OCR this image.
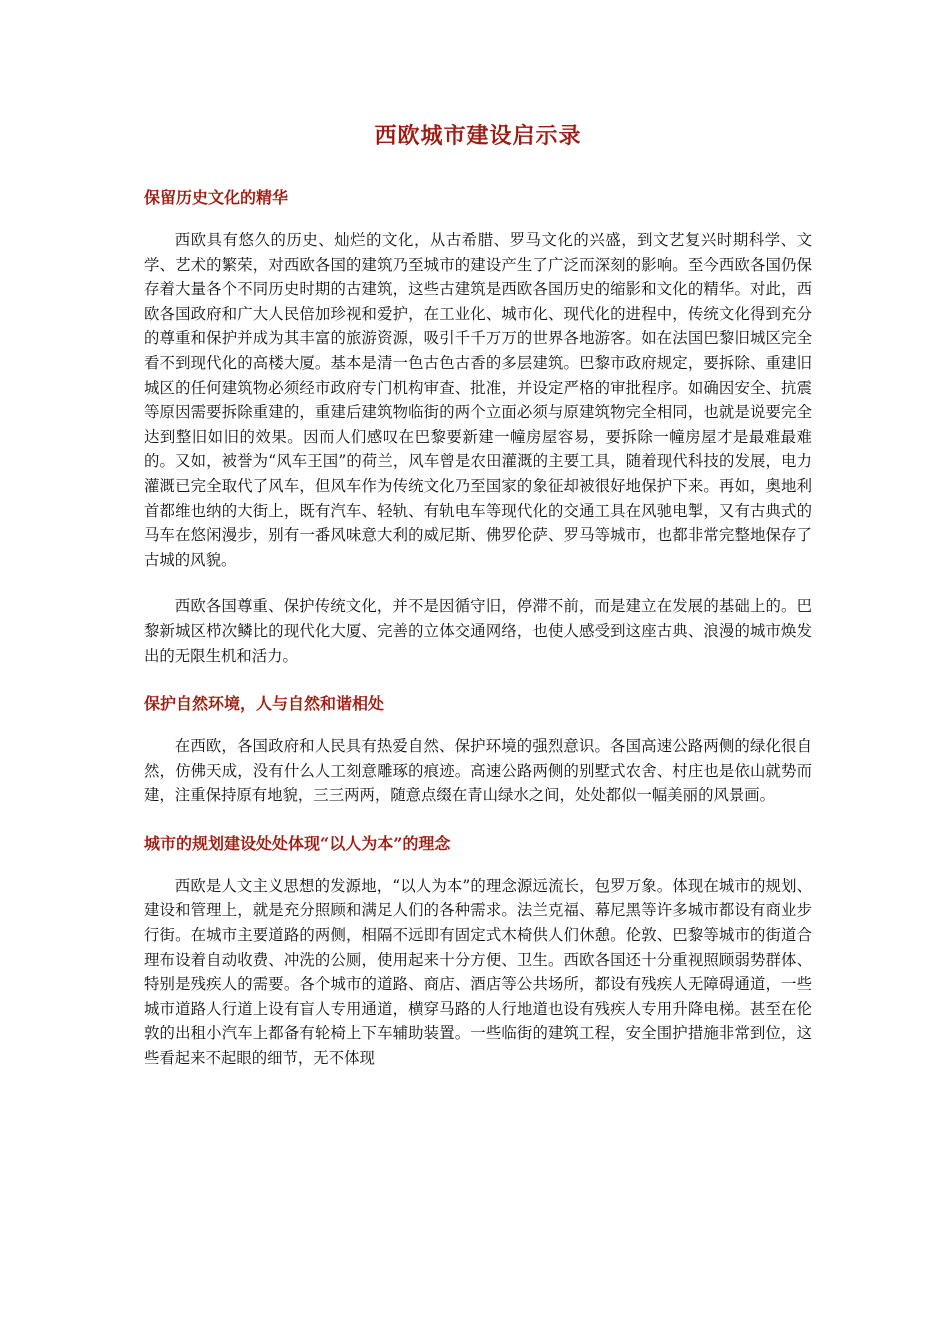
西欧城市建设启示录
保留历史文化的精华

西欧具有悠久的历史、灿烂的文化，从古希腊、罗马文化的兴盛，到文艺复兴时期科学、文学、艺术的繁荣，对西欧各国的建筑乃至城市的建设产生了广泛而深刻的影响。至今西欧各国仍保存着大量各个不同历史时期的古建筑，这些古建筑是西欧各国历史的缩影和文化的精华。对此，西欧各国政府和广大人民倍加珍视和爱护，在工业化、城市化、现代化的进程中，传统文化得到充分的尊重和保护并成为其丰富的旅游资源，吸引千千万万的世界各地游客。如在法国巴黎旧城区完全看不到现代化的高楼大厦。基本是清一色古色古香的多层建筑。巴黎市政府规定，要拆除、重建旧城区的任何建筑物必须经市政府专门机构审查、批准，并设定严格的审批程序。如确因安全、抗震等原因需要拆除重建的，重建后建筑物临街的两个立面必须与原建筑物完全相同，也就是说要完全达到整旧如旧的效果。因而人们感叹在巴黎要新建一幢房屋容易，要拆除一幢房屋才是最难最难的。又如，被誉为“风车王国”的荷兰，风车曾是农田灌溉的主要工具，随着现代科技的发展，电力灌溉已完全取代了风车，但风车作为传统文化乃至国家的象征却被很好地保护下来。再如，奥地利首都维也纳的大街上，既有汽车、轻轨、有轨电车等现代化的交通工具在风驰电掣，又有古典式的马车在悠闲漫步，别有一番风味意大利的威尼斯、佛罗伦萨、罗马等城市，也都非常完整地保存了古城的风貌。

西欧各国尊重、保护传统文化，并不是因循守旧，停滞不前，而是建立在发展的基础上的。巴黎新城区栉次鳞比的现代化大厦、完善的立体交通网络，也使人感受到这座古典、浪漫的城市焕发出的无限生机和活力。

保护自然环境，人与自然和谐相处

在西欧，各国政府和人民具有热爱自然、保护环境的强烈意识。各国高速公路两侧的绿化很自然，仿佛天成，没有什么人工刻意雕琢的痕迹。高速公路两侧的别墅式农舍、村庄也是依山就势而建，注重保持原有地貌，三三两两，随意点缀在青山绿水之间，处处都似一幅美丽的风景画。

城市的规划建设处处体现“以人为本”的理念

西欧是人文主义思想的发源地，“以人为本”的理念源远流长，包罗万象。体现在城市的规划、建设和管理上，就是充分照顾和满足人们的各种需求。法兰克福、幕尼黑等许多城市都设有商业步行街。在城市主要道路的两侧，相隔不远即有固定式木椅供人们休憩。伦敦、巴黎等城市的街道合理布设着自动收费、冲洗的公厕，使用起来十分方便、卫生。西欧各国还十分重视照顾弱势群体、特别是残疾人的需要。各个城市的道路、商店、酒店等公共场所，都设有残疾人无障碍通道，一些城市道路人行道上设有盲人专用通道，横穿马路的人行地道也设有残疾人专用升降电梯。甚至在伦敦的出租小汽车上都备有轮椅上下车辅助装置。一些临街的建筑工程，安全围护措施非常到位，这些看起来不起眼的细节，无不体现
